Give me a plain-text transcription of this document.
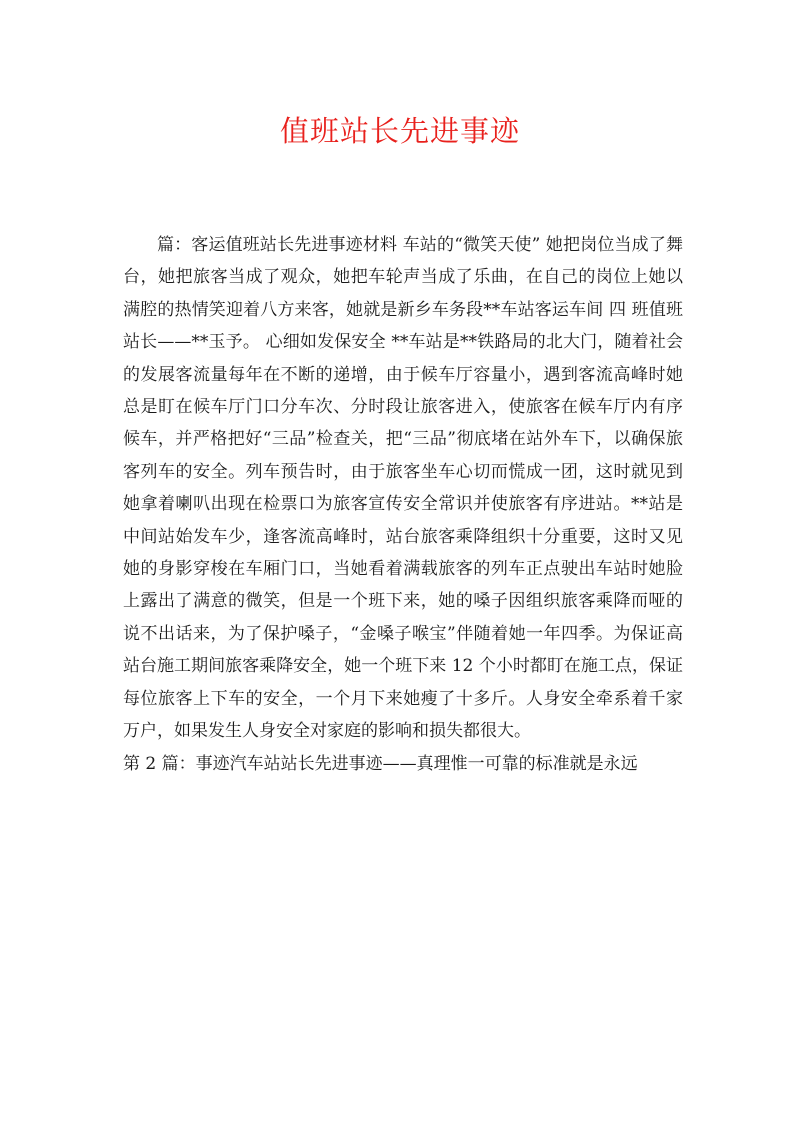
值班站长先进事迹

篇：客运值班站长先进事迹材料 车站的“微笑天使” 她把岗位当成了舞台，她把旅客当成了观众，她把车轮声当成了乐曲，在自己的岗位上她以满腔的热情笑迎着八方来客，她就是新乡车务段**车站客运车间 四 班值班站长——**玉予。 心细如发保安全 **车站是**铁路局的北大门，随着社会的发展客流量每年在不断的递增，由于候车厅容量小，遇到客流高峰时她总是盯在候车厅门口分车次、分时段让旅客进入，使旅客在候车厅内有序候车，并严格把好“三品”检查关，把“三品”彻底堵在站外车下，以确保旅客列车的安全。列车预告时，由于旅客坐车心切而慌成一团，这时就见到她拿着喇叭出现在检票口为旅客宣传安全常识并使旅客有序进站。**站是中间站始发车少，逢客流高峰时，站台旅客乘降组织十分重要，这时又见她的身影穿梭在车厢门口，当她看着满载旅客的列车正点驶出车站时她脸上露出了满意的微笑，但是一个班下来，她的嗓子因组织旅客乘降而哑的说不出话来，为了保护嗓子，“金嗓子喉宝”伴随着她一年四季。为保证高站台施工期间旅客乘降安全，她一个班下来 12 个小时都盯在施工点，保证每位旅客上下车的安全，一个月下来她瘦了十多斤。人身安全牵系着千家万户，如果发生人身安全对家庭的影响和损失都很大。

第 2 篇：事迹汽车站站长先进事迹——真理惟一可靠的标准就是永远
